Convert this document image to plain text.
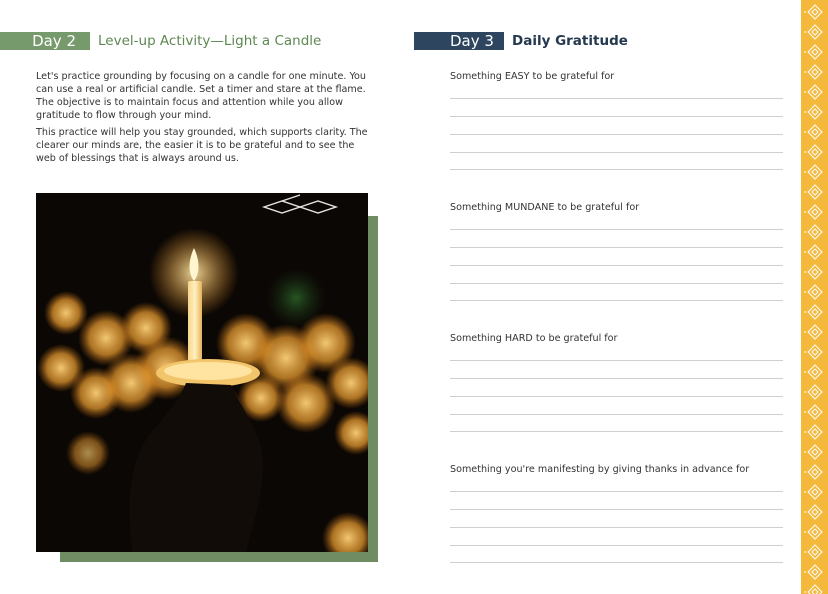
Day 2	Level-up Activity—Light a Candle

Let's practice grounding by focusing on a candle for one minute. You can use a real or artificial candle. Set a timer and stare at the flame. The objective is to maintain focus and attention while you allow gratitude to flow through your mind.

This practice will help you stay grounded, which supports clarity. The clearer our minds are, the easier it is to be grateful and to see the web of blessings that is always around us.

Day 3	Daily Gratitude
Something EASY to be grateful for
Something MUNDANE to be grateful for
Something HARD to be grateful for
Something you're manifesting by giving thanks in advance for
